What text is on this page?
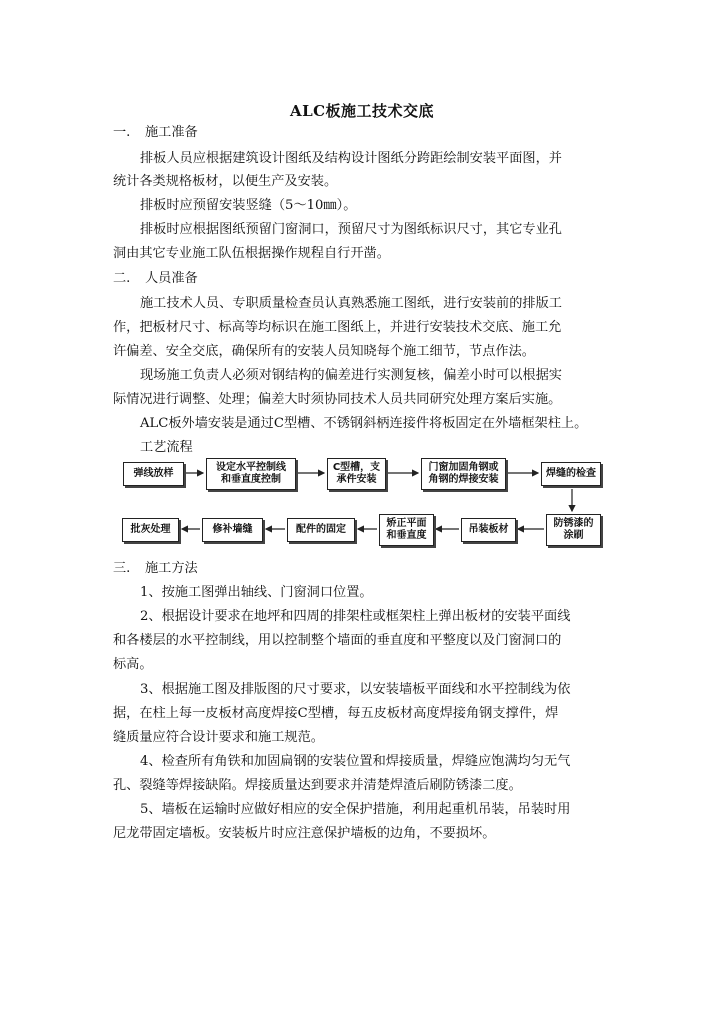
ALC板施工技术交底
一. 施工准备
排板人员应根据建筑设计图纸及结构设计图纸分跨距绘制安装平面图，并
统计各类规格板材，以便生产及安装。
排板时应预留安装竖缝（5～10㎜）。
排板时应根据图纸预留门窗洞口，预留尺寸为图纸标识尺寸，其它专业孔
洞由其它专业施工队伍根据操作规程自行开凿。
二. 人员准备
施工技术人员、专职质量检查员认真熟悉施工图纸，进行安装前的排版工
作，把板材尺寸、标高等均标识在施工图纸上，并进行安装技术交底、施工允
许偏差、安全交底，确保所有的安装人员知晓每个施工细节，节点作法。
现场施工负责人必须对钢结构的偏差进行实测复核，偏差小时可以根据实
际情况进行调整、处理；偏差大时须协同技术人员共同研究处理方案后实施。
ALC板外墙安装是通过C型槽、不锈钢斜柄连接件将板固定在外墙框架柱上。
工艺流程
弹线放样
设定水平控制线
和垂直度控制
C型槽，支
承件安装
门窗加固角钢或
角钢的焊接安装
焊缝的检查
批灰处理	修补墙缝	配件的固定
矫正平面
和垂直度
吊装板材
防锈漆的
涂刷
三. 施工方法
1、按施工图弹出轴线、门窗洞口位置。
2、根据设计要求在地坪和四周的排架柱或框架柱上弹出板材的安装平面线
和各楼层的水平控制线，用以控制整个墙面的垂直度和平整度以及门窗洞口的
标高。
3、根据施工图及排版图的尺寸要求，以安装墙板平面线和水平控制线为依
据，在柱上每一皮板材高度焊接C型槽，每五皮板材高度焊接角钢支撑件，焊
缝质量应符合设计要求和施工规范。
4、检查所有角铁和加固扁钢的安装位置和焊接质量，焊缝应饱满均匀无气
孔、裂缝等焊接缺陷。焊接质量达到要求并清楚焊渣后刷防锈漆二度。
5、墙板在运输时应做好相应的安全保护措施，利用起重机吊装，吊装时用
尼龙带固定墙板。安装板片时应注意保护墙板的边角，不要损坏。
